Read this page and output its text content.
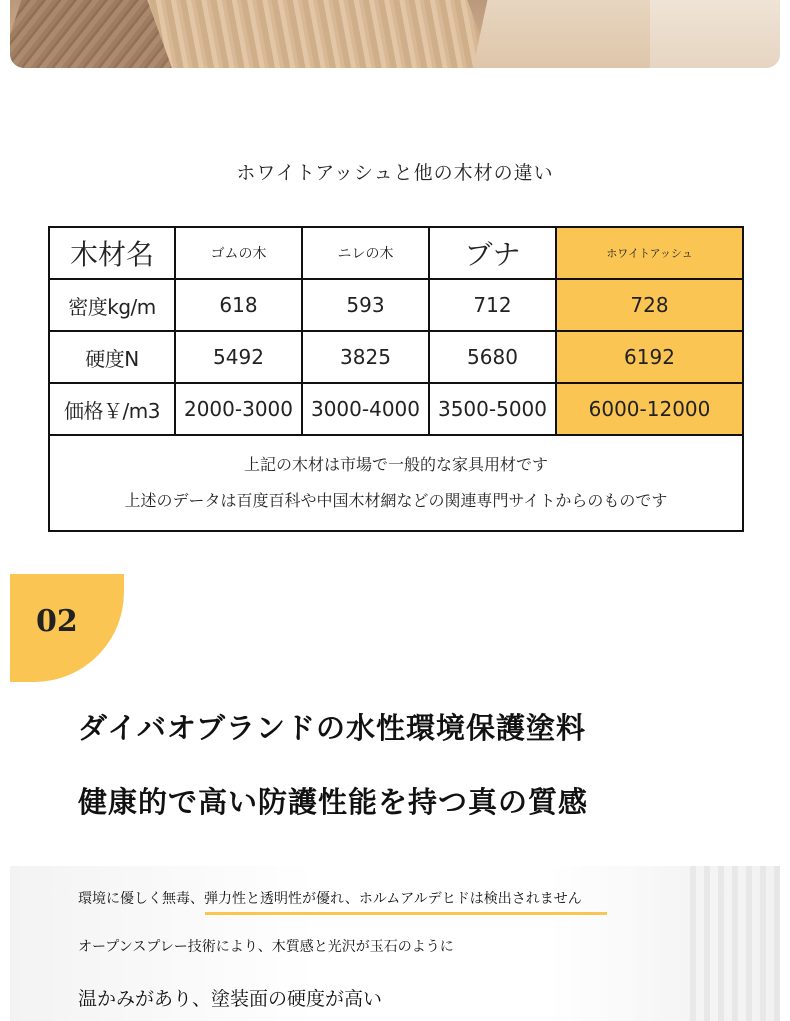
ホワイトアッシュと他の木材の違い
木材名	ゴムの木	ニレの木	ブナ	ホワイトアッシュ
密度kg/m	618	593	712	728
硬度N	5492	3825	5680	6192
価格￥/m3	2000-3000	3000-4000	3500-5000	6000-12000

上記の木材は市場で一般的な家具用材です
上述のデータは百度百科や中国木材網などの関連専門サイトからのものです				
02
ダイバオブランドの水性環境保護塗料
健康的で高い防護性能を持つ真の質感
環境に優しく無毒、弾力性と透明性が優れ、ホルムアルデヒドは検出されません
オープンスプレー技術により、木質感と光沢が玉石のように
温かみがあり、塗装面の硬度が高い
